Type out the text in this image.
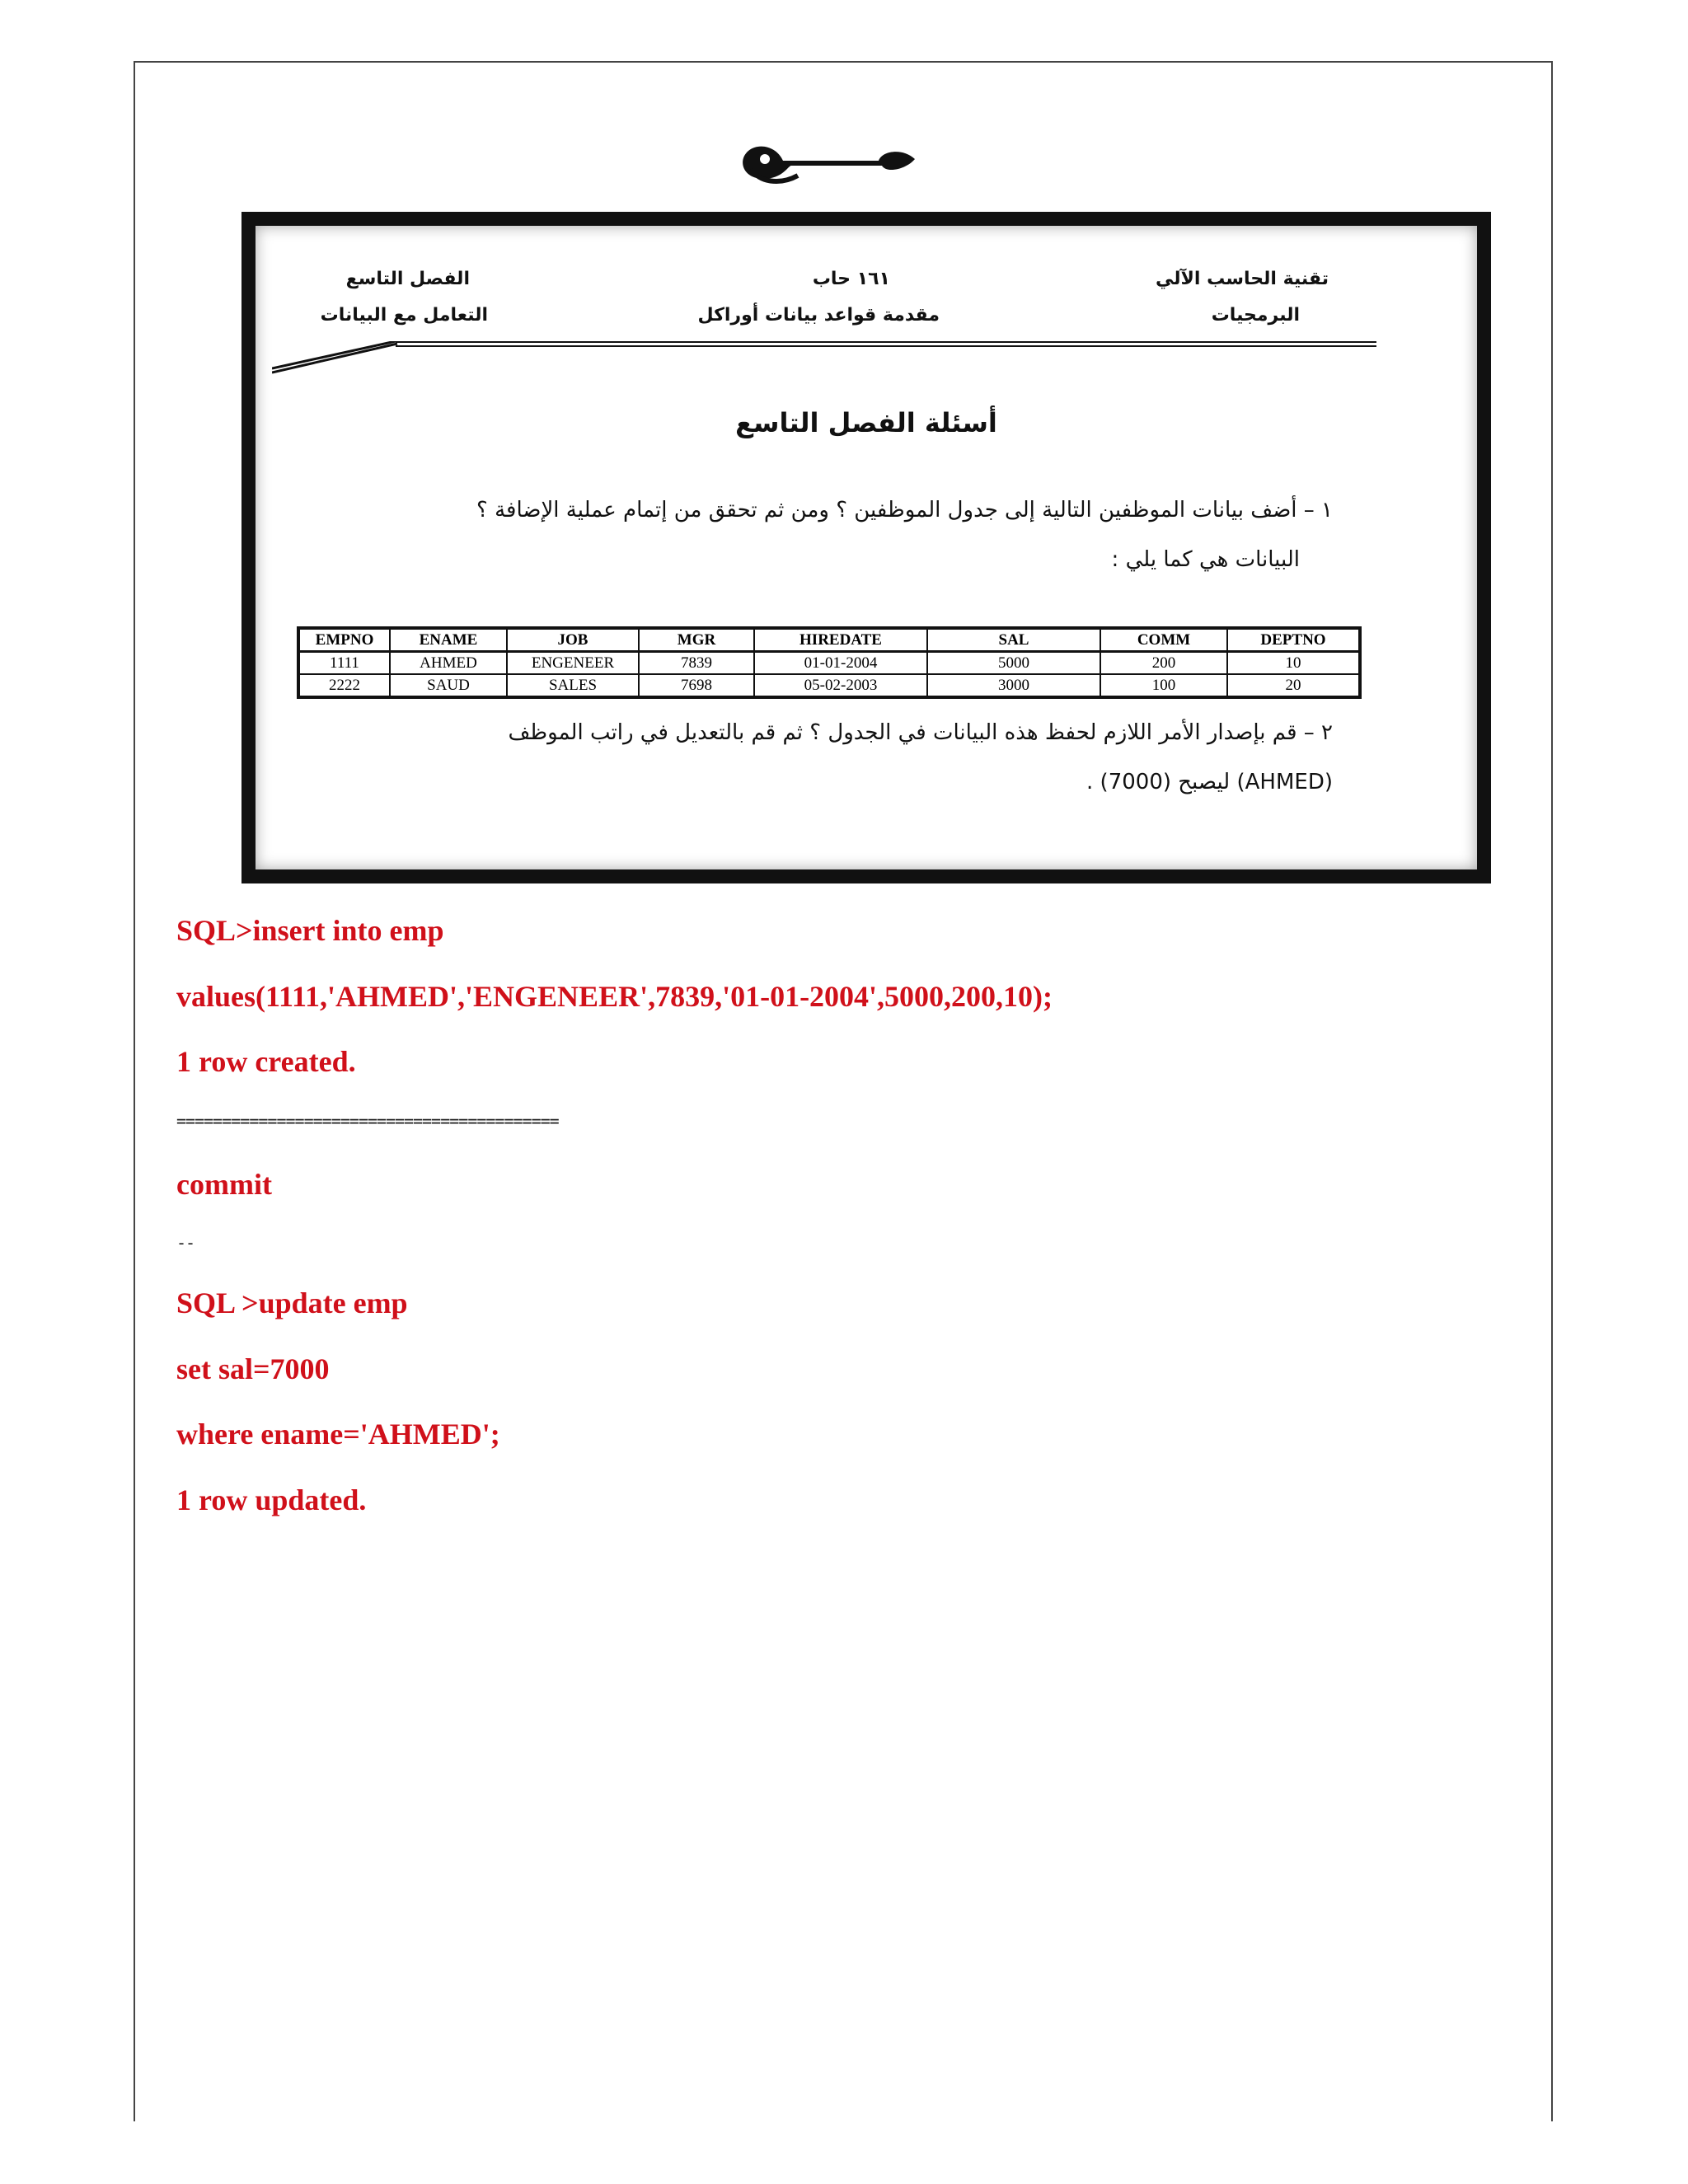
تقنية الحاسب الآلي
البرمجيات
١٦١ حاب
مقدمة قواعد بيانات أوراكل
الفصل التاسع
التعامل مع البيانات
أسئلة الفصل التاسع
١ – أضف بيانات الموظفين التالية إلى جدول الموظفين ؟ ومن ثم تحقق من إتمام عملية الإضافة ؟
البيانات هي كما يلي :
EMPNO	ENAME	JOB	MGR	HIREDATE	SAL	COMM	DEPTNO
1111	AHMED	ENGENEER	7839	01-01-2004	5000	200	10
2222	SAUD	SALES	7698	05-02-2003	3000	100	20
٢ – قم بإصدار الأمر اللازم لحفظ هذه البيانات في الجدول ؟ ثم قم بالتعديل في راتب الموظف
(AHMED) ليصبح (7000) .
SQL>insert into emp
values(1111,'AHMED','ENGENEER',7839,'01-01-2004',5000,200,10);
1 row created.
==========================================
commit
--
SQL >update emp
set sal=7000
where ename='AHMED';
1 row updated.
